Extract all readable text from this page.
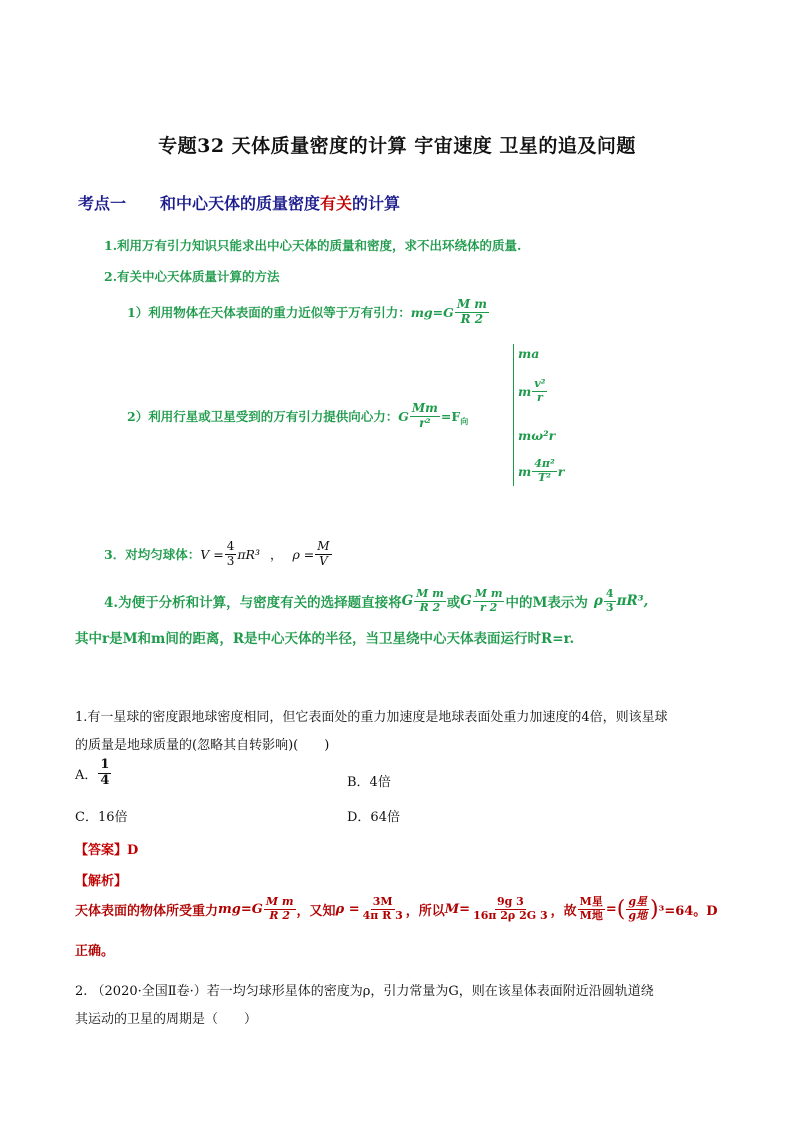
专题32 天体质量密度的计算 宇宙速度 卫星的追及问题
考点一 和中心天体的质量密度有关的计算
1.利用万有引力知识只能求出中心天体的质量和密度，求不出环绕体的质量.
2.有关中心天体质量计算的方法
1）利用物体在天体表面的重力近似等于万有引力： $mg=G \frac{\text{M m}}{R 2}$
2）利用行星或卫星受到的万有引力提供向心力： G $\frac{Mm}{\text{r²}} =F$ 向
ma
m $\frac{\text{v²}}{r}$
mω²r
m $\frac{\text{4π²}}{\text{T²}}$ r
3．对均匀球体： $V = \frac{4}{3} \pi R^3$ ， $\rho = \frac{M}{V}$
4.为便于分析和计算，与密度有关的选择题直接将 G $\frac{\text{M m}}{R 2}$ 或 G $\frac{\text{M m}}{r 2}$ 中的M表示为 ρ $\frac{4}{3} \pi R^3$,
其中r是M和m间的距离，R是中心天体的半径，当卫星绕中心天体表面运行时R=r.
1.有一星球的密度跟地球密度相同，但它表面处的重力加速度是地球表面处重力加速度的4倍，则该星球
的质量是地球质量的(忽略其自转影响)(　　)
A． $\frac{1}{4}$	B．4倍
C．16倍	D．64倍
【答案】D
【解析】
天体表面的物体所受重力 $mg=G \frac{\text{M m}}{R 2}$ ，又知 $\rho = \frac{3M}{\text{4π R 3}}$ ，所以 $M= \frac{9g 3}{16\pi 2\rho 2G 3}$ ，故 $\frac{\text{M星}}{\text{M地}}$ = ( $\frac{\text{g星}}{\text{g地}}$ ) ³=64。D
正确。
2. （2020·全国Ⅱ卷·）若一均匀球形星体的密度为ρ，引力常量为G，则在该星体表面附近沿圆轨道绕
其运动的卫星的周期是（　　）
